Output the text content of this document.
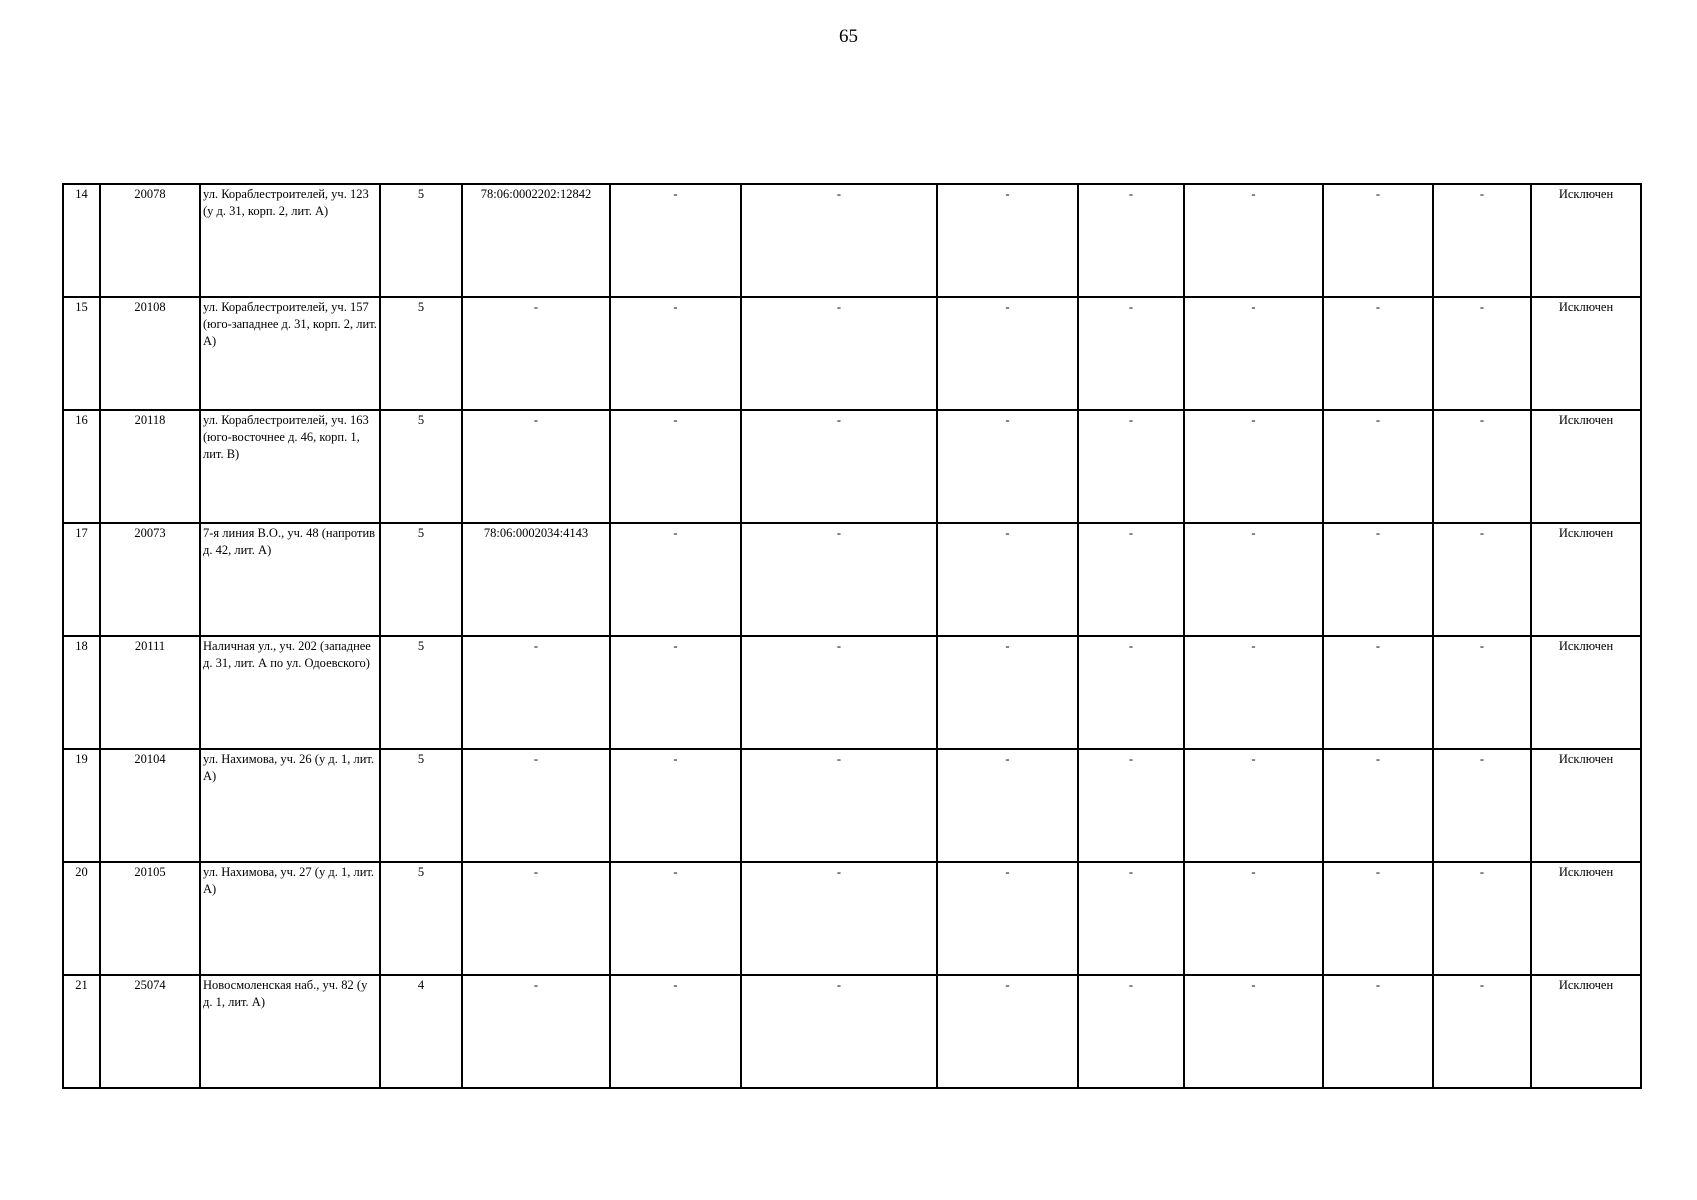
65
14	20078	ул. Кораблестроителей, уч. 123 (у д. 31, корп. 2, лит. А)	5	78:06:0002202:12842	-	-	-	-	-	-	-	Исключен
15	20108	ул. Кораблестроителей, уч. 157 (юго-западнее д. 31, корп. 2, лит. А)	5	-	-	-	-	-	-	-	-	Исключен
16	20118	ул. Кораблестроителей, уч. 163 (юго-восточнее д. 46, корп. 1, лит. В)	5	-	-	-	-	-	-	-	-	Исключен
17	20073	7-я линия В.О., уч. 48 (напротив д. 42, лит. А)	5	78:06:0002034:4143	-	-	-	-	-	-	-	Исключен
18	20111	Наличная ул., уч. 202 (западнее д. 31, лит. А по ул. Одоевского)	5	-	-	-	-	-	-	-	-	Исключен
19	20104	ул. Нахимова, уч. 26 (у д. 1, лит. А)	5	-	-	-	-	-	-	-	-	Исключен
20	20105	ул. Нахимова, уч. 27 (у д. 1, лит. А)	5	-	-	-	-	-	-	-	-	Исключен
21	25074	Новосмоленская наб., уч. 82 (у д. 1, лит. А)	4	-	-	-	-	-	-	-	-	Исключен
